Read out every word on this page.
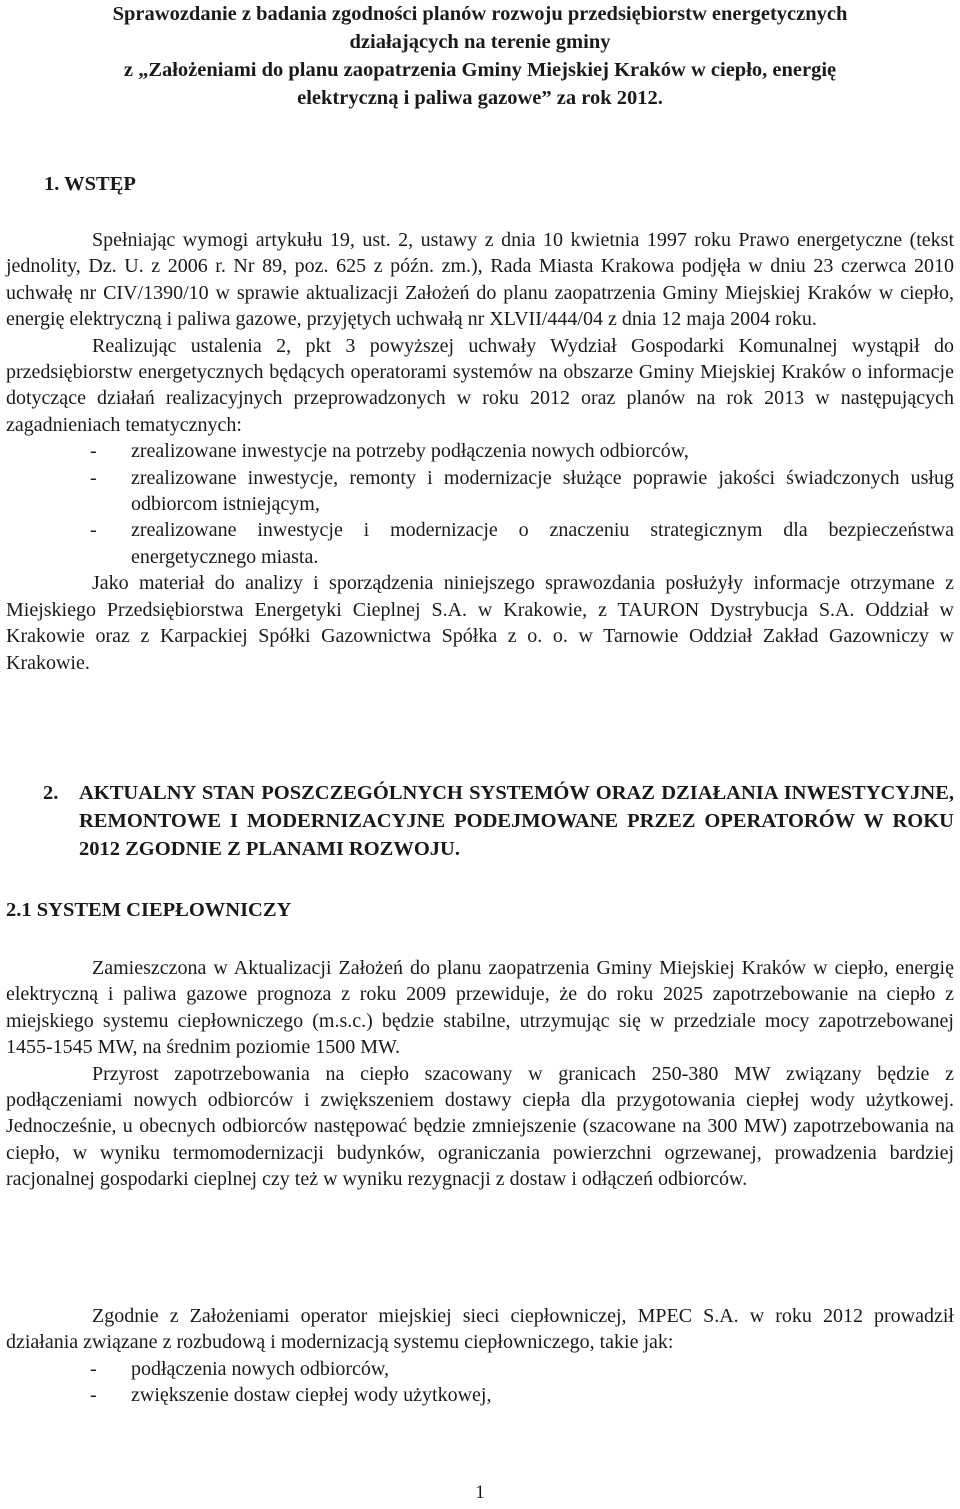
Sprawozdanie z badania zgodności planów rozwoju przedsiębiorstw energetycznych
działających na terenie gminy
z „Założeniami do planu zaopatrzenia Gminy Miejskiej Kraków w ciepło, energię
elektryczną i paliwa gazowe” za rok 2012.
1. WSTĘP

Spełniając wymogi artykułu 19, ust. 2, ustawy z dnia 10 kwietnia 1997 roku Prawo energetyczne (tekst jednolity, Dz. U. z 2006 r. Nr 89, poz. 625 z późn. zm.), Rada Miasta Krakowa podjęła w dniu 23 czerwca 2010 uchwałę nr CIV/1390/10 w sprawie aktualizacji Założeń do planu zaopatrzenia Gminy Miejskiej Kraków w ciepło, energię elektryczną i paliwa gazowe, przyjętych uchwałą nr XLVII/444/04 z dnia 12 maja 2004 roku.

Realizując ustalenia 2, pkt 3 powyższej uchwały Wydział Gospodarki Komunalnej wystąpił do przedsiębiorstw energetycznych będących operatorami systemów na obszarze Gminy Miejskiej Kraków o informacje dotyczące działań realizacyjnych przeprowadzonych w roku 2012 oraz planów na rok 2013 w następujących zagadnieniach tematycznych:

- zrealizowane inwestycje na potrzeby podłączenia nowych odbiorców,
- zrealizowane inwestycje, remonty i modernizacje służące poprawie jakości świadczonych usług odbiorcom istniejącym,
- zrealizowane inwestycje i modernizacje o znaczeniu strategicznym dla bezpieczeństwa energetycznego miasta.

Jako materiał do analizy i sporządzenia niniejszego sprawozdania posłużyły informacje otrzymane z Miejskiego Przedsiębiorstwa Energetyki Cieplnej S.A. w Krakowie, z TAURON Dystrybucja S.A. Oddział w Krakowie oraz z Karpackiej Spółki Gazownictwa Spółka z o. o. w Tarnowie Oddział Zakład Gazowniczy w Krakowie.

2. AKTUALNY STAN POSZCZEGÓLNYCH SYSTEMÓW ORAZ DZIAŁANIA INWESTYCYJNE, REMONTOWE I MODERNIZACYJNE PODEJMOWANE PRZEZ OPERATORÓW W ROKU 2012 ZGODNIE Z PLANAMI ROZWOJU.
2.1 SYSTEM CIEPŁOWNICZY

Zamieszczona w Aktualizacji Założeń do planu zaopatrzenia Gminy Miejskiej Kraków w ciepło, energię elektryczną i paliwa gazowe prognoza z roku 2009 przewiduje, że do roku 2025 zapotrzebowanie na ciepło z miejskiego systemu ciepłowniczego (m.s.c.) będzie stabilne, utrzymując się w przedziale mocy zapotrzebowanej 1455-1545 MW, na średnim poziomie 1500 MW.

Przyrost zapotrzebowania na ciepło szacowany w granicach 250-380 MW związany będzie z podłączeniami nowych odbiorców i zwiększeniem dostawy ciepła dla przygotowania ciepłej wody użytkowej. Jednocześnie, u obecnych odbiorców następować będzie zmniejszenie (szacowane na 300 MW) zapotrzebowania na ciepło, w wyniku termomodernizacji budynków, ograniczania powierzchni ogrzewanej, prowadzenia bardziej racjonalnej gospodarki cieplnej czy też w wyniku rezygnacji z dostaw i odłączeń odbiorców.

Zgodnie z Założeniami operator miejskiej sieci ciepłowniczej, MPEC S.A. w roku 2012 prowadził działania związane z rozbudową i modernizacją systemu ciepłowniczego, takie jak:

- podłączenia nowych odbiorców,
- zwiększenie dostaw ciepłej wody użytkowej,
1
